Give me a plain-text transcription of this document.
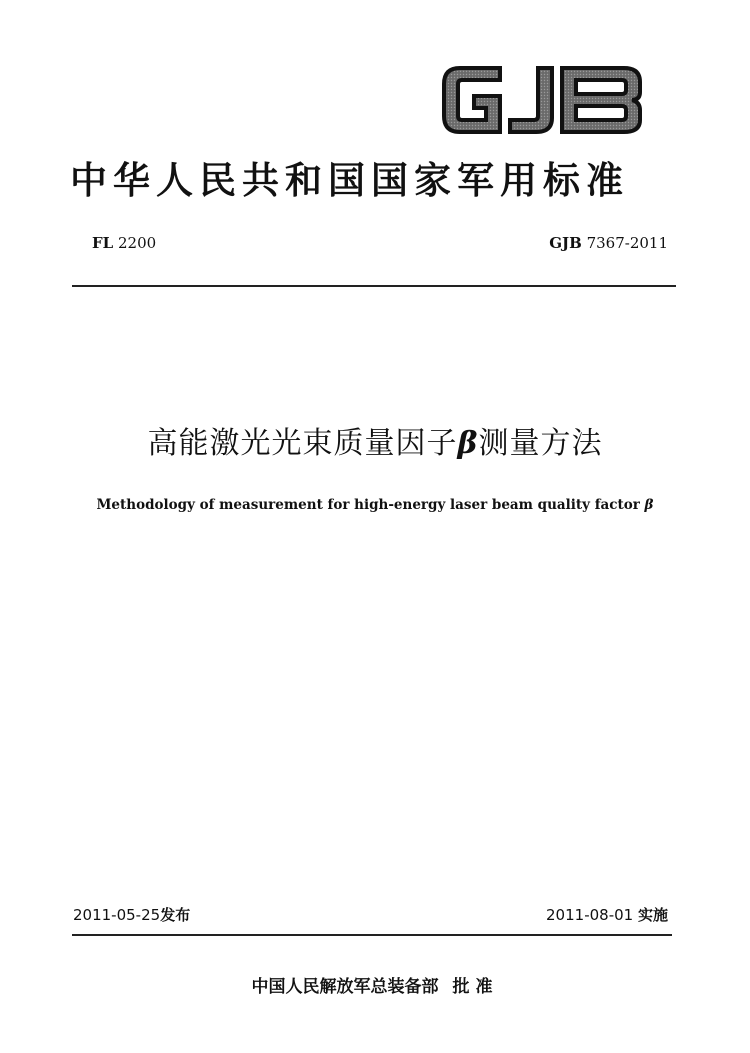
中华人民共和国国家军用标准
FL 2200	GJB 7367-2011
高能激光光束质量因子β测量方法
Methodology of measurement for high-energy laser beam quality factor β
2011-05-25发布	2011-08-01 实施
中国人民解放军总装备部 批准
